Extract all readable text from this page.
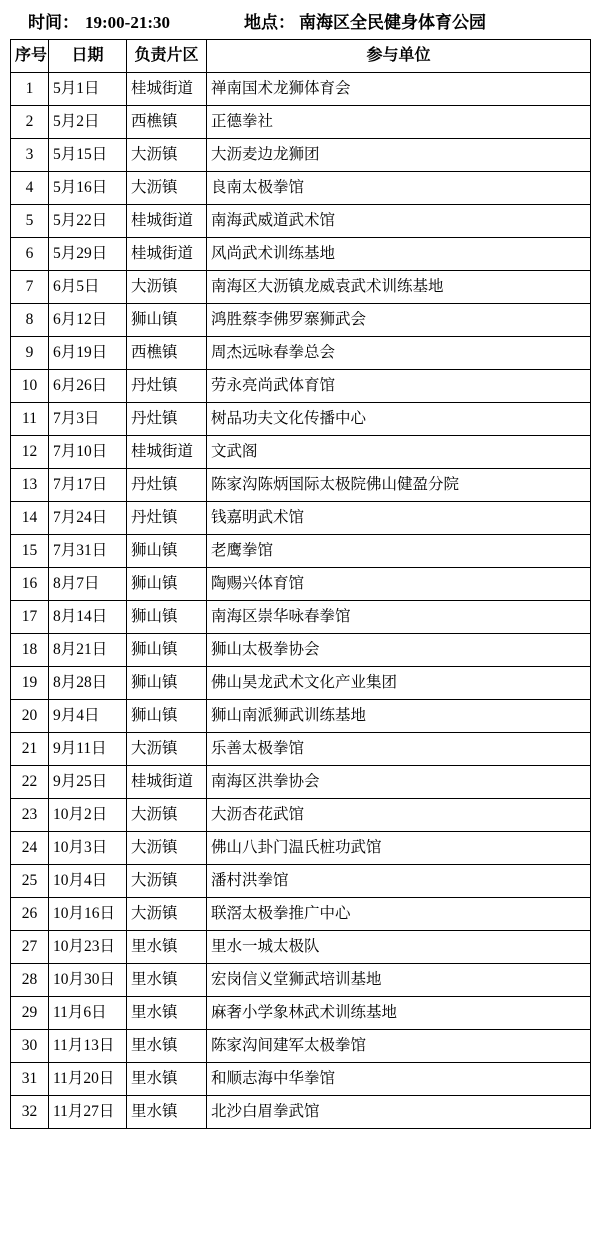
时间： 19:00-21:30	地点： 南海区全民健身体育公园
序号	日期	负责片区	参与单位
1	5月1日	桂城街道	禅南国术龙狮体育会
2	5月2日	西樵镇	正德拳社
3	5月15日	大沥镇	大沥麦边龙狮团
4	5月16日	大沥镇	良南太极拳馆
5	5月22日	桂城街道	南海武威道武术馆
6	5月29日	桂城街道	风尚武术训练基地
7	6月5日	大沥镇	南海区大沥镇龙威袁武术训练基地
8	6月12日	狮山镇	鸿胜蔡李佛罗寨狮武会
9	6月19日	西樵镇	周杰远咏春拳总会
10	6月26日	丹灶镇	劳永亮尚武体育馆
11	7月3日	丹灶镇	树品功夫文化传播中心
12	7月10日	桂城街道	文武阁
13	7月17日	丹灶镇	陈家沟陈炳国际太极院佛山健盈分院
14	7月24日	丹灶镇	钱嘉明武术馆
15	7月31日	狮山镇	老鹰拳馆
16	8月7日	狮山镇	陶赐兴体育馆
17	8月14日	狮山镇	南海区崇华咏春拳馆
18	8月21日	狮山镇	狮山太极拳协会
19	8月28日	狮山镇	佛山昊龙武术文化产业集团
20	9月4日	狮山镇	狮山南派狮武训练基地
21	9月11日	大沥镇	乐善太极拳馆
22	9月25日	桂城街道	南海区洪拳协会
23	10月2日	大沥镇	大沥杏花武馆
24	10月3日	大沥镇	佛山八卦门温氏桩功武馆
25	10月4日	大沥镇	潘村洪拳馆
26	10月16日	大沥镇	联滘太极拳推广中心
27	10月23日	里水镇	里水一城太极队
28	10月30日	里水镇	宏岗信义堂狮武培训基地
29	11月6日	里水镇	麻奢小学象林武术训练基地
30	11月13日	里水镇	陈家沟间建军太极拳馆
31	11月20日	里水镇	和顺志海中华拳馆
32	11月27日	里水镇	北沙白眉拳武馆
